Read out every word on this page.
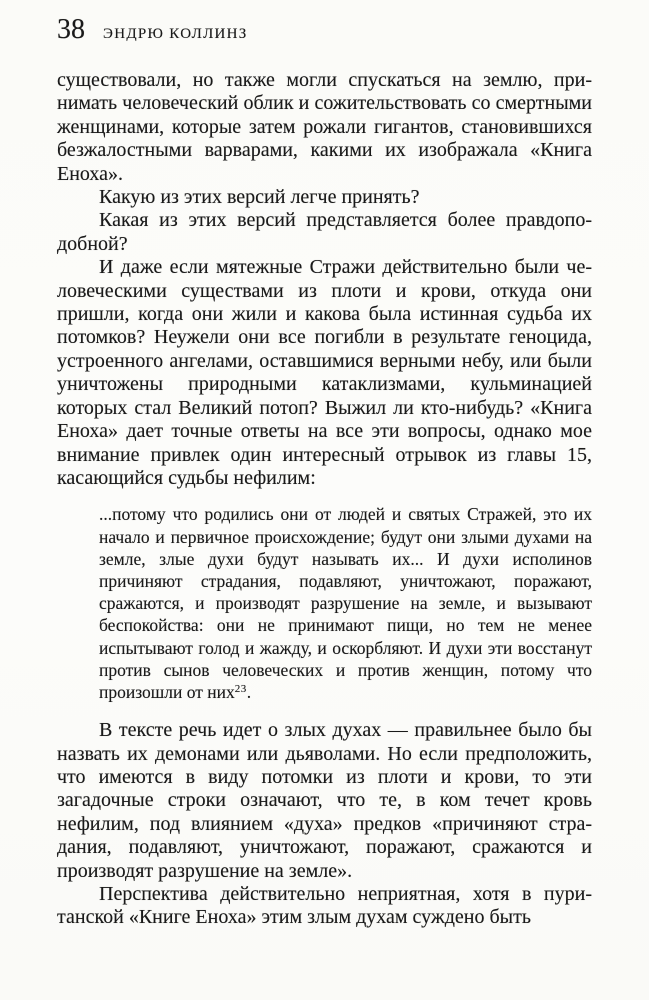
38 ЭНДРЮ КОЛЛИНЗ

существовали, но также могли спускаться на землю, принимать человеческий облик и сожительствовать со смертными женщинами, которые затем рожали гигантов, становившихся безжалостными варварами, какими их изображала «Книга Еноха».

Какую из этих версий легче принять?

Какая из этих версий представляется более правдоподобной?

И даже если мятежные Стражи действительно были человеческими существами из плоти и крови, откуда они пришли, когда они жили и какова была истинная судьба их потомков? Неужели они все погибли в результате геноцида, устроенного ангелами, оставшимися верными небу, или были уничтожены природными катаклизмами, кульминацией которых стал Великий потоп? Выжил ли кто-нибудь? «Книга Еноха» дает точные ответы на все эти вопросы, однако мое внимание привлек один интересный отрывок из главы 15, касающийся судьбы нефилим:

...потому что родились они от людей и святых Стражей, это их начало и первичное происхождение; будут они злыми духами на земле, злые духи будут называть их... И духи исполинов причиняют страдания, подавляют, уничтожают, поражают, сражаются, и производят разрушение на земле, и вызывают беспокойства: они не принимают пищи, но тем не менее испытывают голод и жажду, и оскорбляют. И духи эти восстанут против сынов человеческих и против женщин, потому что произошли от них$^{23}$.

В тексте речь идет о злых духах — правильнее было бы назвать их демонами или дьяволами. Но если предположить, что имеются в виду потомки из плоти и крови, то эти загадочные строки означают, что те, в ком течет кровь нефилим, под влиянием «духа» предков «причиняют страдания, подавляют, уничтожают, поражают, сражаются и производят разрушение на земле».

Перспектива действительно неприятная, хотя в пуританской «Книге Еноха» этим злым духам суждено быть
